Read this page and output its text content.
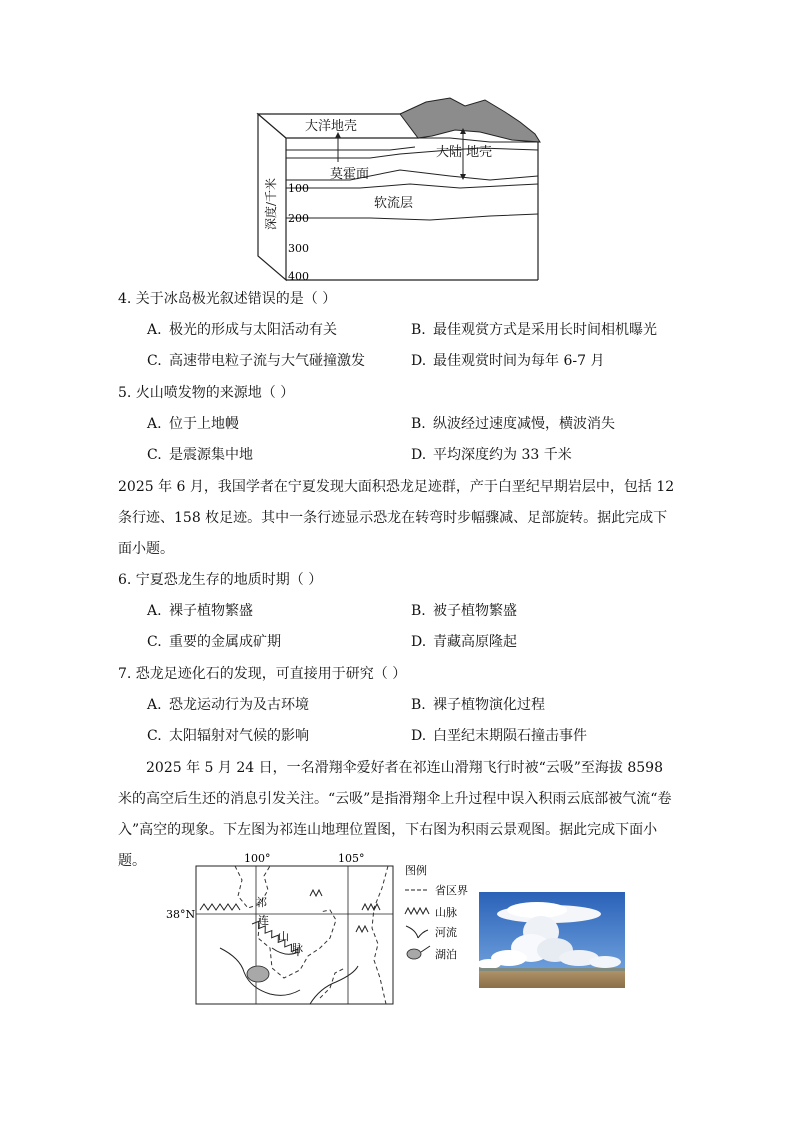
大洋地壳
大陆 地壳
莫霍面
软流层
深度/千米 100
200
300
400
4. 关于冰岛极光叙述错误的是（ ）
A. 极光的形成与太阳活动有关	B. 最佳观赏方式是采用长时间相机曝光
C. 高速带电粒子流与大气碰撞激发	D. 最佳观赏时间为每年 6-7 月
5. 火山喷发物的来源地（ ）
A. 位于上地幔	B. 纵波经过速度减慢，横波消失
C. 是震源集中地	D. 平均深度约为 33 千米
2025 年 6 月，我国学者在宁夏发现大面积恐龙足迹群，产于白垩纪早期岩层中，包括 12 条行迹、158 枚足迹。其中一条行迹显示恐龙在转弯时步幅骤减、足部旋转。据此完成下面小题。
6. 宁夏恐龙生存的地质时期（ ）
A. 裸子植物繁盛	B. 被子植物繁盛
C. 重要的金属成矿期	D. 青藏高原隆起
7. 恐龙足迹化石的发现，可直接用于研究（ ）
A. 恐龙运动行为及古环境	B. 裸子植物演化过程
C. 太阳辐射对气候的影响	D. 白垩纪末期陨石撞击事件
2025 年 5 月 24 日，一名滑翔伞爱好者在祁连山滑翔飞行时被“云吸”至海拔 8598 米的高空后生还的消息引发关注。“云吸”是指滑翔伞上升过程中误入积雨云底部被气流“卷入”高空的现象。下左图为祁连山地理位置图，下右图为积雨云景观图。据此完成下面小题。	100°	105°
38°N
祁
连
山
脉
图例
省区界
山脉
河流
湖泊
